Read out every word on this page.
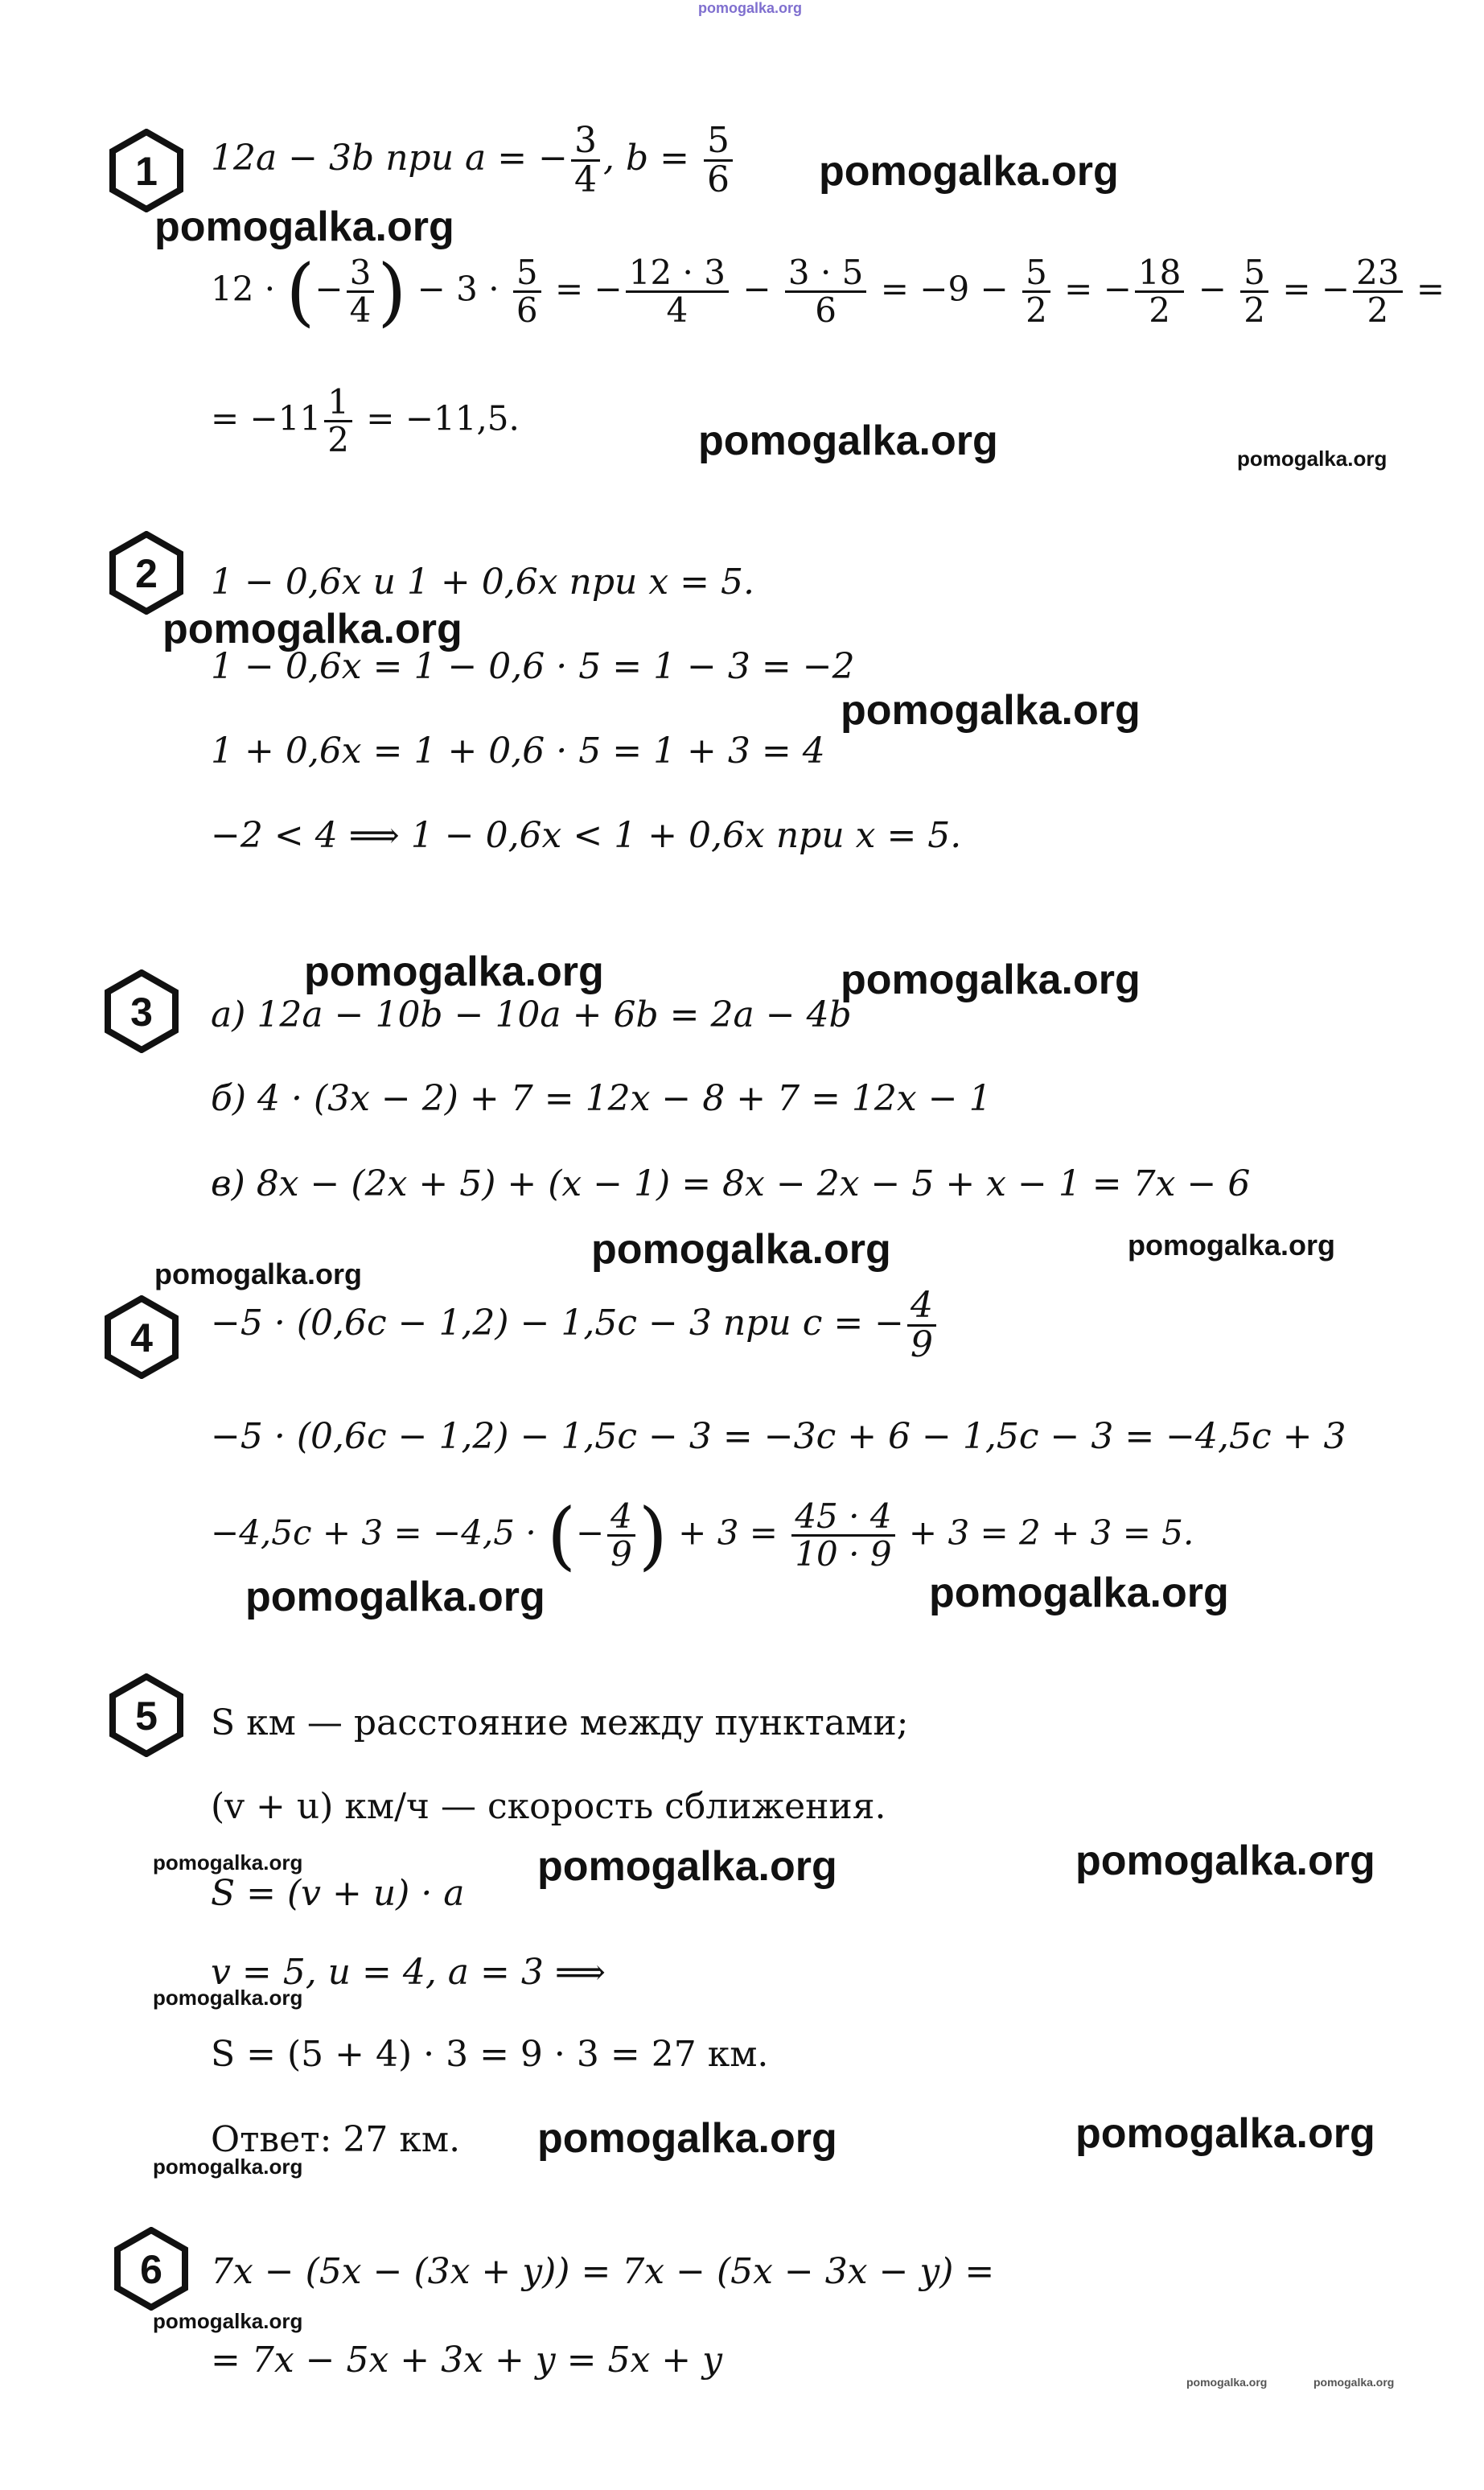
pomogalka.org
1 12a − 3b при a = − $\frac{3}{4}$ , $b = \frac{5}{6}$ pomogalka.org
pomogalka.org
12 · (− $\frac{3}{4}$ ) − $3 \cdot \frac{5}{6}$ = − $\frac{12 \cdot 3}{4} - \frac{3 \cdot 5}{6} = -9 - \frac{5}{2}$ = − $\frac{18}{2} - \frac{5}{2}$ = − $\frac{23}{2}$ =
= $-11 \frac{1}{2} = -11,5$.	pomogalka.org	pomogalka.org
2 1 − 0,6x и 1 + 0,6x при x = 5.
pomogalka.org
1 − 0,6x = 1 − 0,6 · 5 = 1 − 3 = −2
pomogalka.org
1 + 0,6x = 1 + 0,6 · 5 = 1 + 3 = 4
−2 < 4 ⟹ 1 − 0,6x < 1 + 0,6x при x = 5.
pomogalka.org	pomogalka.org
3 а) 12a − 10b − 10a + 6b = 2a − 4b
б) 4 · (3x − 2) + 7 = 12x − 8 + 7 = 12x − 1
в) 8x − (2x + 5) + (x − 1) = 8x − 2x − 5 + x − 1 = 7x − 6
pomogalka.org	pomogalka.org
pomogalka.org
4 −5 · (0,6c − 1,2) − 1,5c − 3 при c = − $\frac{4}{9}$
−5 · (0,6c − 1,2) − 1,5c − 3 = −3c + 6 − 1,5c − 3 = −4,5c + 3
−4,5c + 3 = −4,5 · (− $\frac{4}{9}$ ) + $3 = \frac{45 \cdot 4}{10 \cdot 9} + 3 = 2 + 3 = 5$.
pomogalka.org	pomogalka.org
5 S км — расстояние между пунктами;
(v + u) км/ч — скорость сближения.
pomogalka.org	pomogalka.org	pomogalka.org
S = (v + u) · a
v = 5, u = 4, a = 3 ⟹
pomogalka.org
S = (5 + 4) · 3 = 9 · 3 = 27 км.
Ответ: 27 км. pomogalka.org	pomogalka.org
pomogalka.org
6 7x − (5x − (3x + y)) = 7x − (5x − 3x − y) =
pomogalka.org
= 7x − 5x + 3x + y = 5x + y
pomogalka.org	pomogalka.org
